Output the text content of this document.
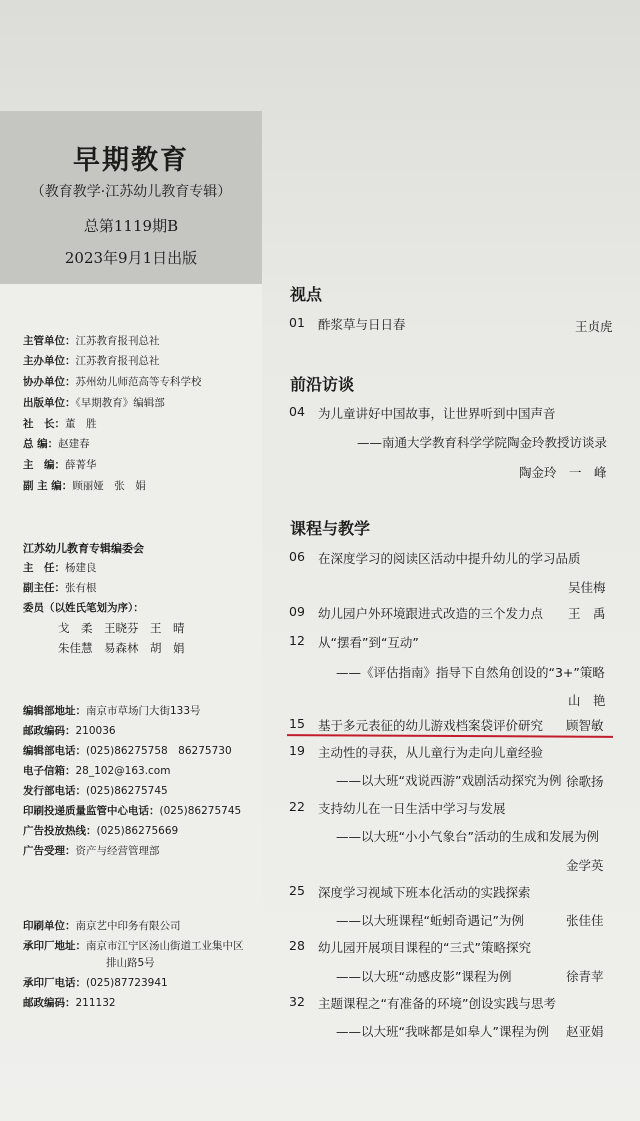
早期教育
（教育教学·江苏幼儿教育专辑）
总第1119期B
2023年9月1日出版
主管单位：江苏教育报刊总社
主办单位：江苏教育报刊总社
协办单位：苏州幼儿师范高等专科学校
出版单位：《早期教育》编辑部
社　长：董　胜
总 编：赵建春
主　编：薛菁华
副 主 编：顾丽娅　张　娟
江苏幼儿教育专辑编委会
主　任：杨建良
副主任：张有根
委员（以姓氏笔划为序）：
戈　柔　王晓芬　王　晴
朱佳慧　易森林　胡　娟
编辑部地址：南京市草场门大街133号
邮政编码：210036
编辑部电话：(025)86275758　86275730
电子信箱：28_102@163.com
发行部电话：(025)86275745
印刷投递质量监管中心电话：(025)86275745
广告投放热线：(025)86275669
广告受理：资产与经营管理部
印刷单位：南京艺中印务有限公司
承印厂地址：南京市江宁区汤山街道工业集中区
排山路5号
承印厂电话：(025)87723941
邮政编码：211132
视点
前沿访谈
课程与教学
01 酢浆草与日日春	王贞虎
04 为儿童讲好中国故事，让世界听到中国声音
——南通大学教育科学学院陶金玲教授访谈录
陶金玲　一　峰
06 在深度学习的阅读区活动中提升幼儿的学习品质
吴佳梅
09 幼儿园户外环境跟进式改造的三个发力点 王　禹
12 从“摆看”到“互动”
——《评估指南》指导下自然角创设的“3+”策略
山　艳
15 基于多元表征的幼儿游戏档案袋评价研究 顾智敏
19 主动性的寻获，从儿童行为走向儿童经验
——以大班“戏说西游”戏剧活动探究为例 徐歌扬
22 支持幼儿在一日生活中学习与发展
——以大班“小小气象台”活动的生成和发展为例
金学英
25 深度学习视域下班本化活动的实践探索
——以大班课程“蚯蚓奇遇记”为例	张佳佳
28 幼儿园开展项目课程的“三式”策略探究
——以大班“动感皮影”课程为例	徐青苹
32 主题课程之“有准备的环境”创设实践与思考
——以大班“我咪都是如皋人”课程为例 赵亚娟
